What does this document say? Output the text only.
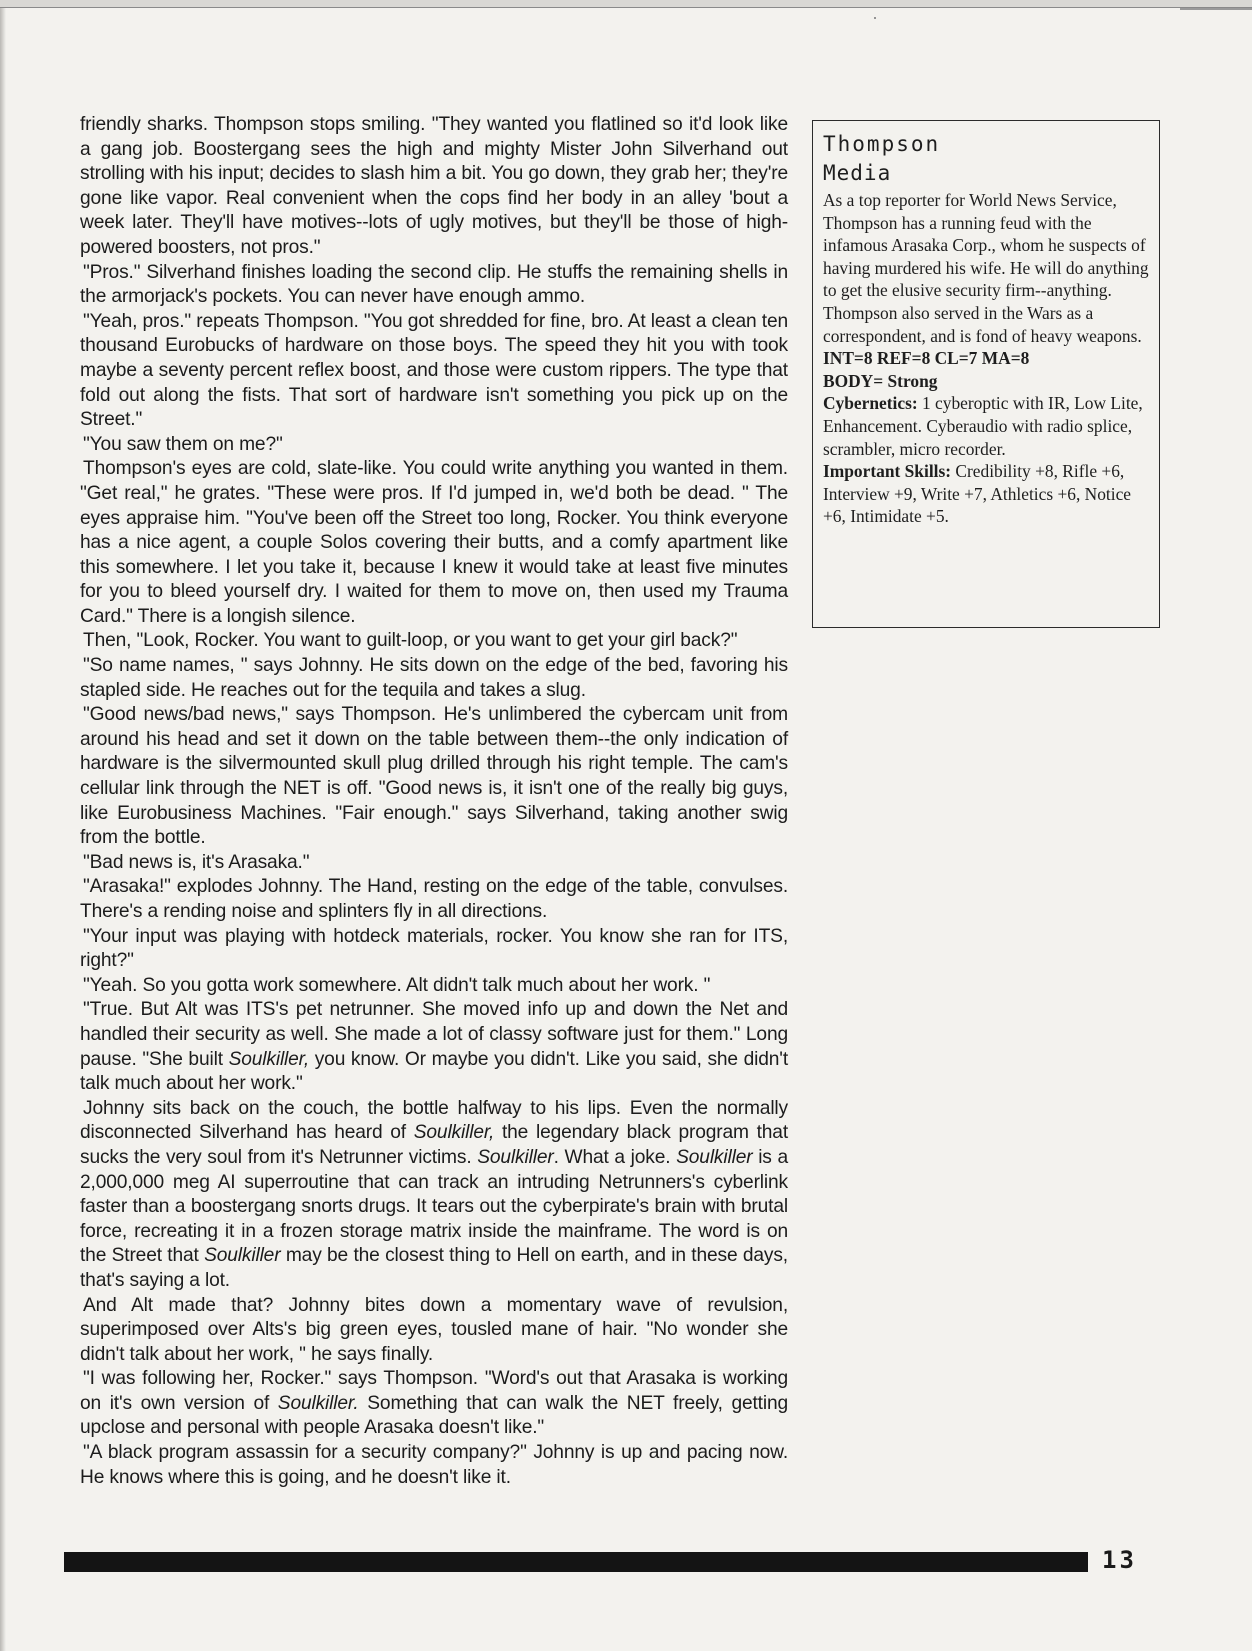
friendly sharks. Thompson stops smiling. "They wanted you flatlined so it'd look like a gang job. Boostergang sees the high and mighty Mister John Silverhand out strolling with his input; decides to slash him a bit. You go down, they grab her; they're gone like vapor. Real convenient when the cops find her body in an alley 'bout a week later. They'll have motives--lots of ugly motives, but they'll be those of high-powered boosters, not pros."

"Pros." Silverhand finishes loading the second clip. He stuffs the remaining shells in the armorjack's pockets. You can never have enough ammo.

"Yeah, pros." repeats Thompson. "You got shredded for fine, bro. At least a clean ten thousand Eurobucks of hardware on those boys. The speed they hit you with took maybe a seventy percent reflex boost, and those were custom rippers. The type that fold out along the fists. That sort of hardware isn't something you pick up on the Street."

"You saw them on me?"

Thompson's eyes are cold, slate-like. You could write anything you wanted in them. "Get real," he grates. "These were pros. If I'd jumped in, we'd both be dead. " The eyes appraise him. "You've been off the Street too long, Rocker. You think everyone has a nice agent, a couple Solos covering their butts, and a comfy apartment like this somewhere. I let you take it, because I knew it would take at least five minutes for you to bleed yourself dry. I waited for them to move on, then used my Trauma Card." There is a longish silence.

Then, "Look, Rocker. You want to guilt-loop, or you want to get your girl back?"

"So name names, " says Johnny. He sits down on the edge of the bed, favoring his stapled side. He reaches out for the tequila and takes a slug.

"Good news/bad news," says Thompson. He's unlimbered the cybercam unit from around his head and set it down on the table between them--the only indication of hardware is the silvermounted skull plug drilled through his right temple. The cam's cellular link through the NET is off. "Good news is, it isn't one of the really big guys, like Eurobusiness Machines. "Fair enough." says Silverhand, taking another swig from the bottle.

"Bad news is, it's Arasaka."

"Arasaka!" explodes Johnny. The Hand, resting on the edge of the table, convulses. There's a rending noise and splinters fly in all directions.

"Your input was playing with hotdeck materials, rocker. You know she ran for ITS, right?"

"Yeah. So you gotta work somewhere. Alt didn't talk much about her work. "

"True. But Alt was ITS's pet netrunner. She moved info up and down the Net and handled their security as well. She made a lot of classy software just for them." Long pause. "She built Soulkiller, you know. Or maybe you didn't. Like you said, she didn't talk much about her work."

Johnny sits back on the couch, the bottle halfway to his lips. Even the normally disconnected Silverhand has heard of Soulkiller, the legendary black program that sucks the very soul from it's Netrunner victims. Soulkiller. What a joke. Soulkiller is a 2,000,000 meg AI superroutine that can track an intruding Netrunners's cyberlink faster than a boostergang snorts drugs. It tears out the cyberpirate's brain with brutal force, recreating it in a frozen storage matrix inside the mainframe. The word is on the Street that Soulkiller may be the closest thing to Hell on earth, and in these days, that's saying a lot.

And Alt made that? Johnny bites down a momentary wave of revulsion, superimposed over Alts's big green eyes, tousled mane of hair. "No wonder she didn't talk about her work, " he says finally.

"I was following her, Rocker." says Thompson. "Word's out that Arasaka is working on it's own version of Soulkiller. Something that can walk the NET freely, getting upclose and personal with people Arasaka doesn't like."

"A black program assassin for a security company?" Johnny is up and pacing now. He knows where this is going, and he doesn't like it.

Thompson
Media

As a top reporter for World News Service, Thompson has a running feud with the infamous Arasaka Corp., whom he suspects of having murdered his wife. He will do anything to get the elusive security firm--anything. Thompson also served in the Wars as a correspondent, and is fond of heavy weapons.

INT=8 REF=8 CL=7 MA=8

BODY= Strong

Cybernetics: 1 cyberoptic with IR, Low Lite, Enhancement. Cyberaudio with radio splice, scrambler, micro recorder.

Important Skills: Credibility +8, Rifle +6, Interview +9, Write +7, Athletics +6, Notice +6, Intimidate +5.

13
